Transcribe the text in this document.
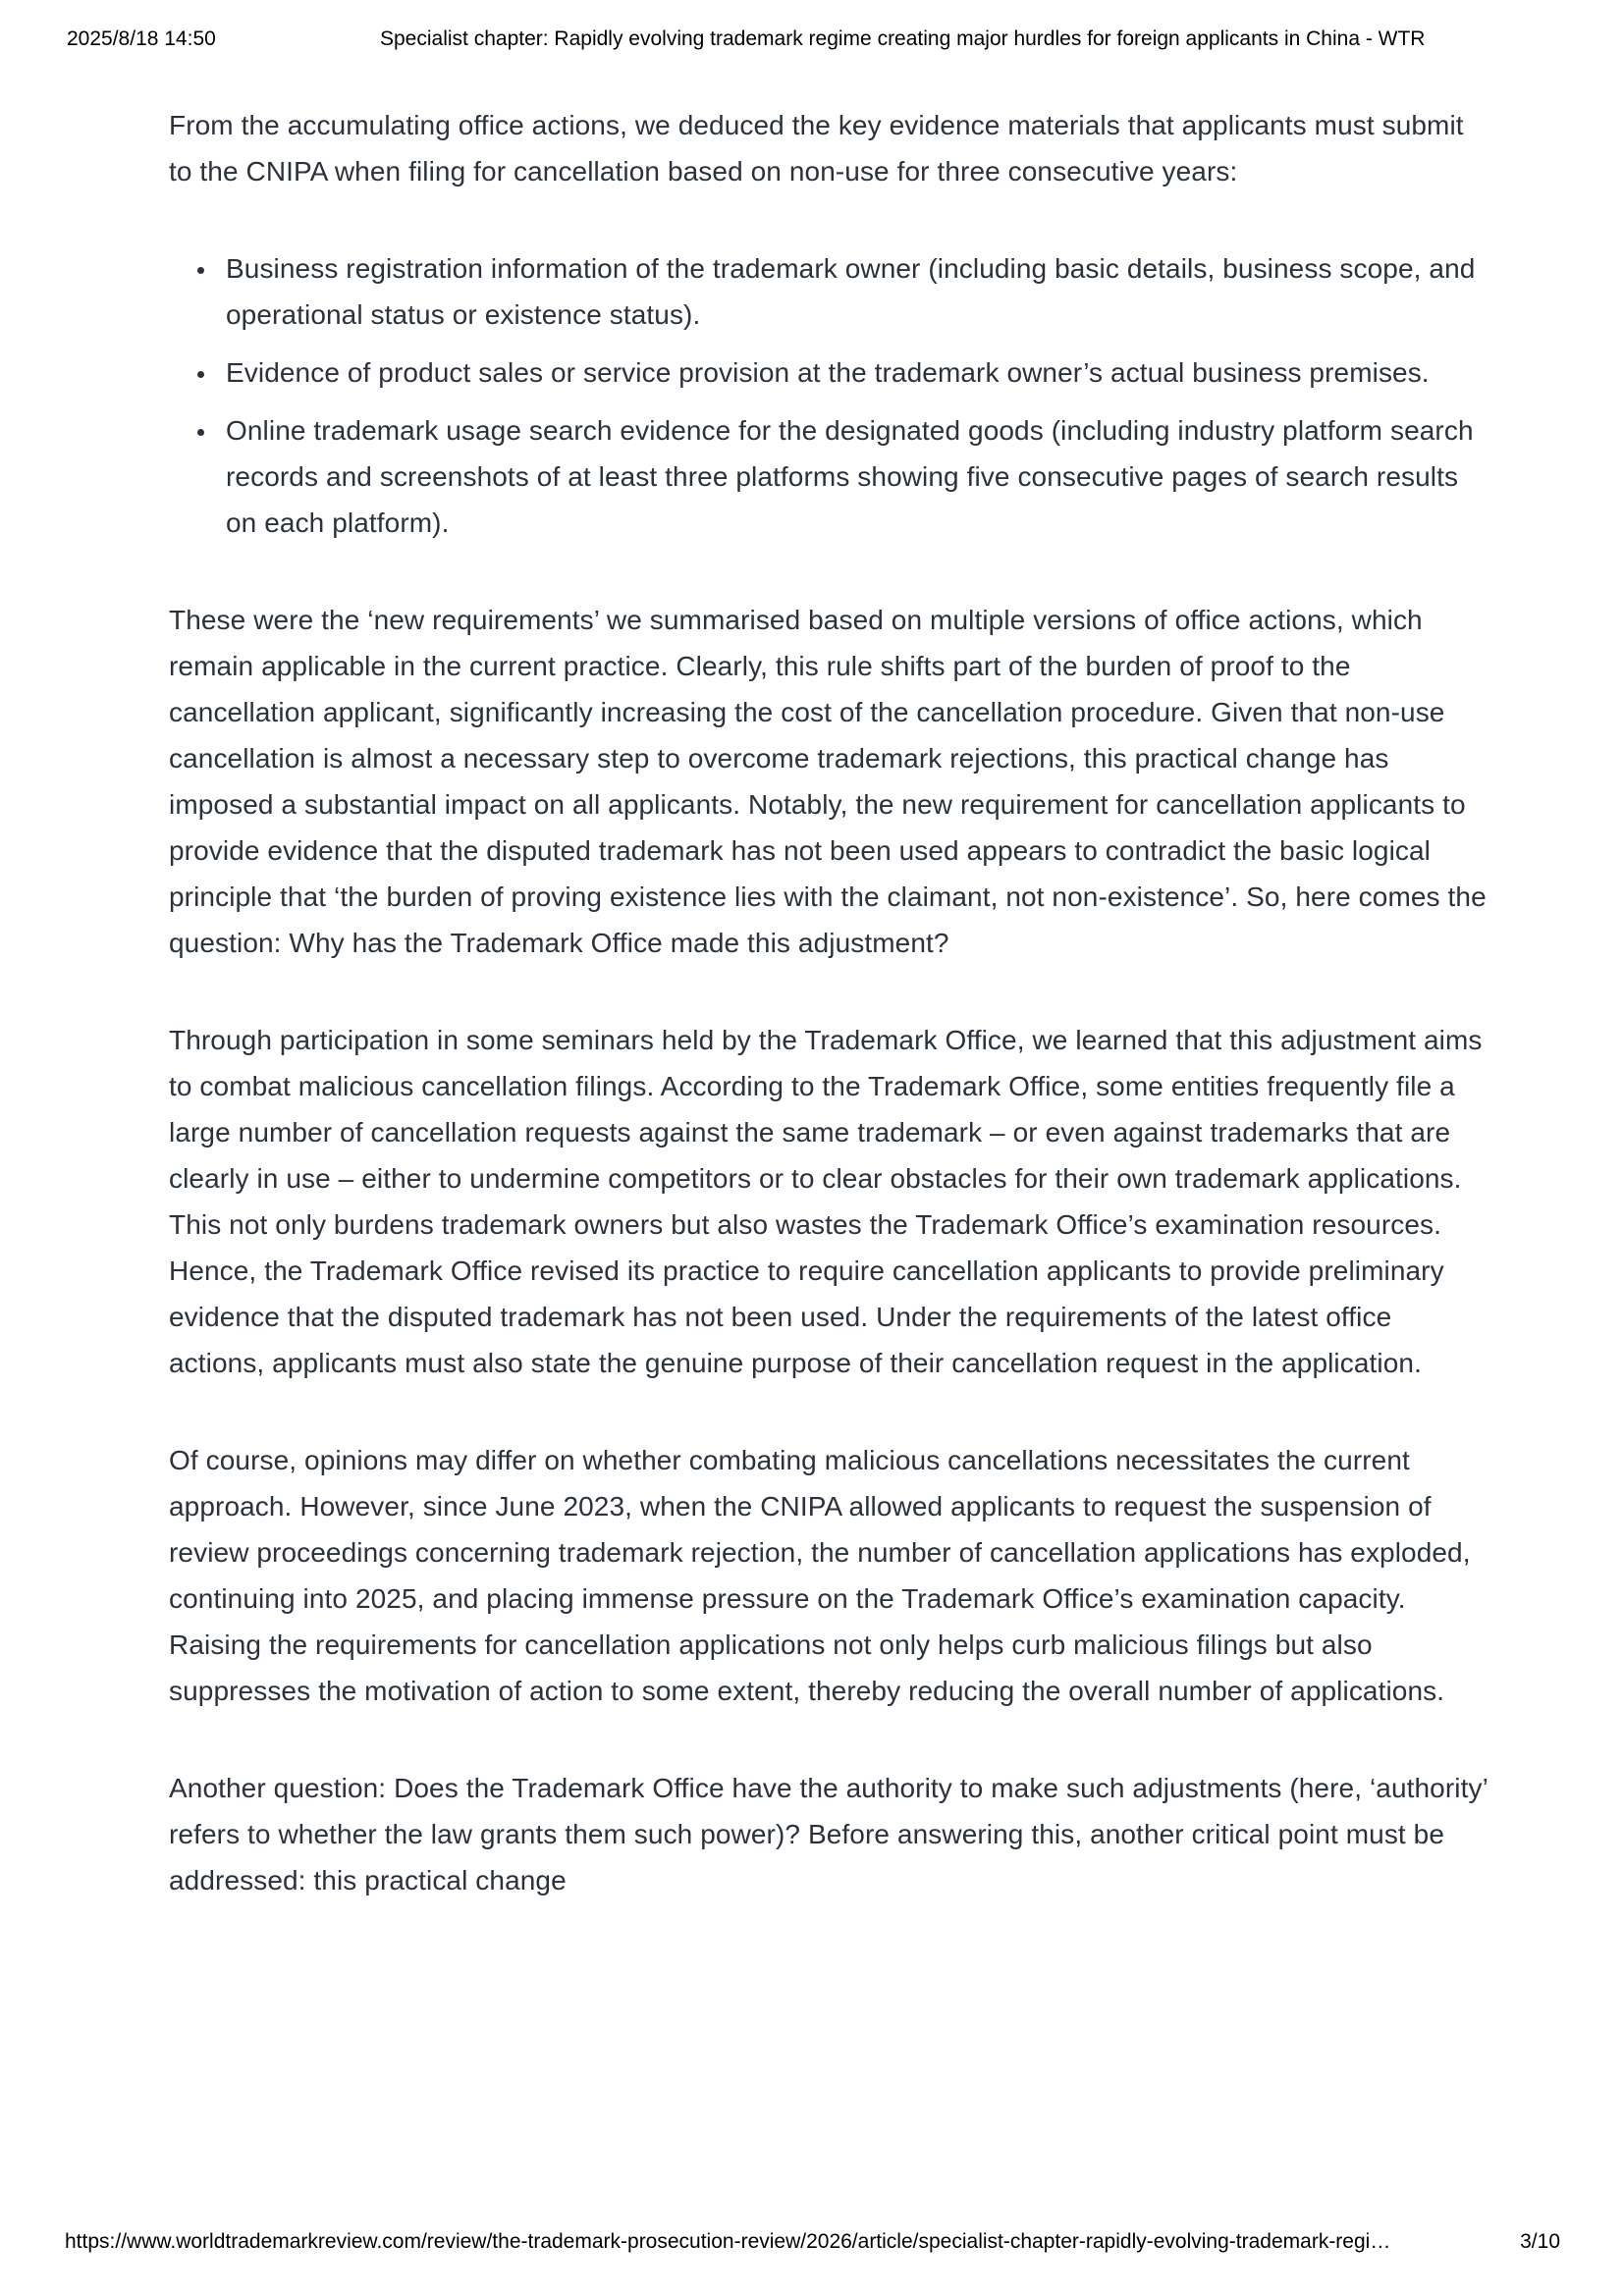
2025/8/18 14:50	Specialist chapter: Rapidly evolving trademark regime creating major hurdles for foreign applicants in China - WTR

From the accumulating office actions, we deduced the key evidence materials that applicants must submit to the CNIPA when filing for cancellation based on non-use for three consecutive years:

• Business registration information of the trademark owner (including basic details, business scope, and operational status or existence status).
• Evidence of product sales or service provision at the trademark owner’s actual business premises.
• Online trademark usage search evidence for the designated goods (including industry platform search records and screenshots of at least three platforms showing five consecutive pages of search results on each platform).

These were the ‘new requirements’ we summarised based on multiple versions of office actions, which remain applicable in the current practice. Clearly, this rule shifts part of the burden of proof to the cancellation applicant, significantly increasing the cost of the cancellation procedure. Given that non-use cancellation is almost a necessary step to overcome trademark rejections, this practical change has imposed a substantial impact on all applicants. Notably, the new requirement for cancellation applicants to provide evidence that the disputed trademark has not been used appears to contradict the basic logical principle that ‘the burden of proving existence lies with the claimant, not non-existence’. So, here comes the question: Why has the Trademark Office made this adjustment?

Through participation in some seminars held by the Trademark Office, we learned that this adjustment aims to combat malicious cancellation filings. According to the Trademark Office, some entities frequently file a large number of cancellation requests against the same trademark – or even against trademarks that are clearly in use – either to undermine competitors or to clear obstacles for their own trademark applications. This not only burdens trademark owners but also wastes the Trademark Office’s examination resources. Hence, the Trademark Office revised its practice to require cancellation applicants to provide preliminary evidence that the disputed trademark has not been used. Under the requirements of the latest office actions, applicants must also state the genuine purpose of their cancellation request in the application.

Of course, opinions may differ on whether combating malicious cancellations necessitates the current approach. However, since June 2023, when the CNIPA allowed applicants to request the suspension of review proceedings concerning trademark rejection, the number of cancellation applications has exploded, continuing into 2025, and placing immense pressure on the Trademark Office’s examination capacity. Raising the requirements for cancellation applications not only helps curb malicious filings but also suppresses the motivation of action to some extent, thereby reducing the overall number of applications.

Another question: Does the Trademark Office have the authority to make such adjustments (here, ‘authority’ refers to whether the law grants them such power)? Before answering this, another critical point must be addressed: this practical change

https://www.worldtrademarkreview.com/review/the-trademark-prosecution-review/2026/article/specialist-chapter-rapidly-evolving-trademark-regi…	3/10
